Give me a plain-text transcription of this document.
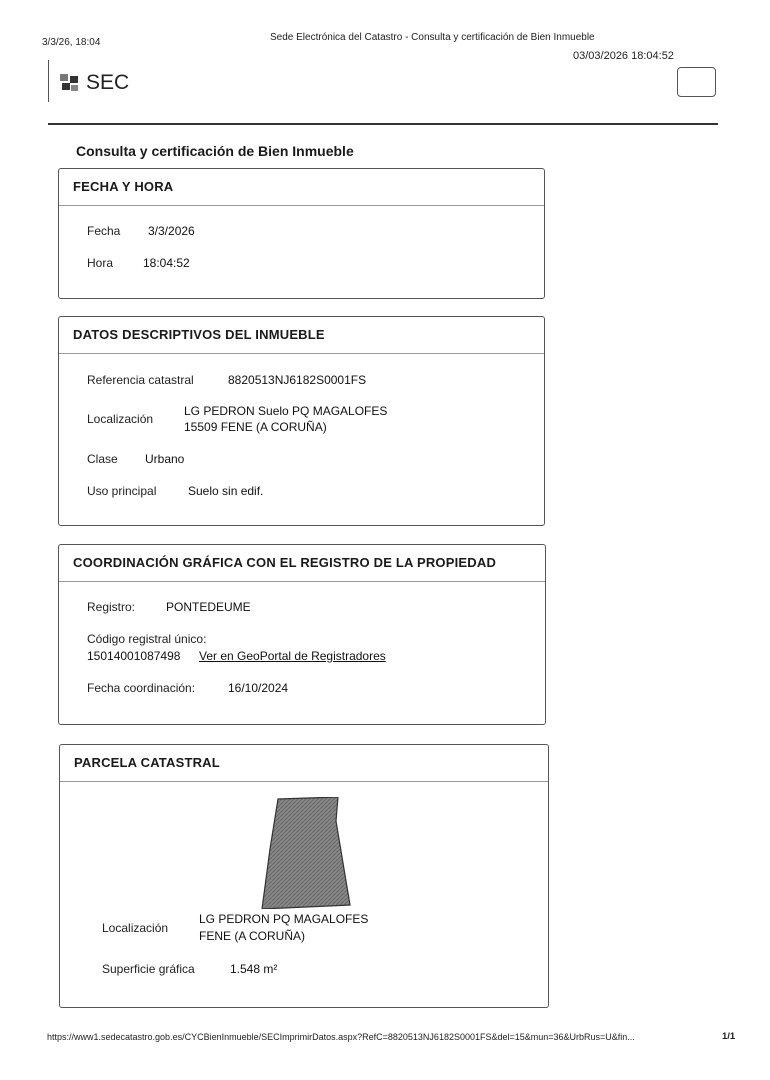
3/3/26, 18:04	Sede Electrónica del Catastro - Consulta y certificación de Bien Inmueble
03/03/2026 18:04:52
SEC
Consulta y certificación de Bien Inmueble
FECHA Y HORA
Fecha 3/3/2026
Hora 18:04:52
DATOS DESCRIPTIVOS DEL INMUEBLE
Referencia catastral	8820513NJ6182S0001FS
Localización
LG PEDRON Suelo PQ MAGALOFES
15509 FENE (A CORUÑA)
Clase Urbano
Uso principal	Suelo sin edif.
COORDINACIÓN GRÁFICA CON EL REGISTRO DE LA PROPIEDAD
Registro:	PONTEDEUME
Código registral único:
15014001087498 Ver en GeoPortal de Registradores
Fecha coordinación:	16/10/2024
PARCELA CATASTRAL
Localización
LG PEDRON PQ MAGALOFES
FENE (A CORUÑA)
Superficie gráfica	1.548 m²
https://www1.sedecatastro.gob.es/CYCBienInmueble/SECImprimirDatos.aspx?RefC=8820513NJ6182S0001FS&del=15&mun=36&UrbRus=U&fin...	1/1
